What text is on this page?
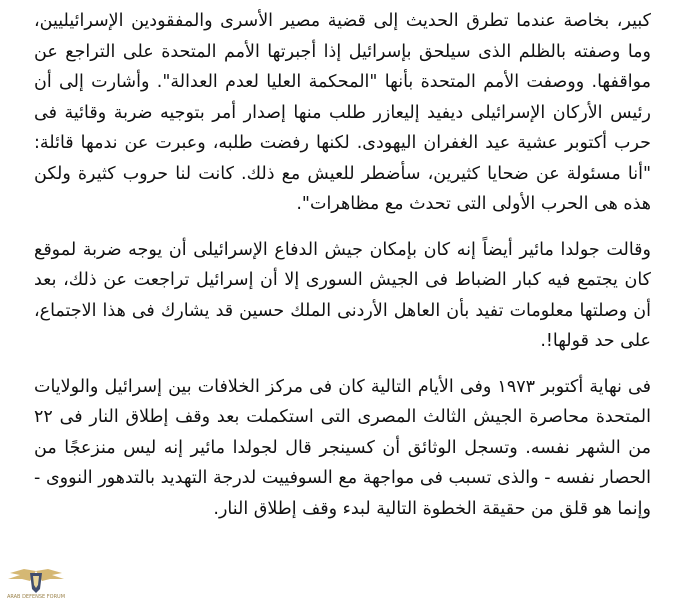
كبير، بخاصة عندما تطرق الحديث إلى قضية مصير الأسرى والمفقودين الإسرائيليين، وما وصفته بالظلم الذى سيلحق بإسرائيل إذا أجبرتها الأمم المتحدة على التراجع عن مواقفها. ووصفت الأمم المتحدة بأنها "المحكمة العليا لعدم العدالة". وأشارت إلى أن رئيس الأركان الإسرائيلى ديفيد إليعازر طلب منها إصدار أمر بتوجيه ضربة وقائية فى حرب أكتوبر عشية عيد الغفران اليهودى. لكنها رفضت طلبه، وعبرت عن ندمها قائلة: "أنا مسئولة عن ضحايا كثيرين، سأضطر للعيش مع ذلك. كانت لنا حروب كثيرة ولكن هذه هى الحرب الأولى التى تحدث مع مظاهرات".

وقالت جولدا مائير أيضاً إنه كان بإمكان جيش الدفاع الإسرائيلى أن يوجه ضربة لموقع كان يجتمع فيه كبار الضباط فى الجيش السورى إلا أن إسرائيل تراجعت عن ذلك، بعد أن وصلتها معلومات تفيد بأن العاهل الأردنى الملك حسين قد يشارك فى هذا الاجتماع، على حد قولها!.

فى نهاية أكتوبر ١٩٧٣ وفى الأيام التالية كان فى مركز الخلافات بين إسرائيل والولايات المتحدة محاصرة الجيش الثالث المصرى التى استكملت بعد وقف إطلاق النار فى ٢٢ من الشهر نفسه. وتسجل الوثائق أن كسينجر قال لجولدا مائير إنه ليس منزعجًا من الحصار نفسه - والذى تسبب فى مواجهة مع السوفييت لدرجة التهديد بالتدهور النووى - وإنما هو قلق من حقيقة الخطوة التالية لبدء وقف إطلاق النار.

ARAB DEFENSE FORUM
